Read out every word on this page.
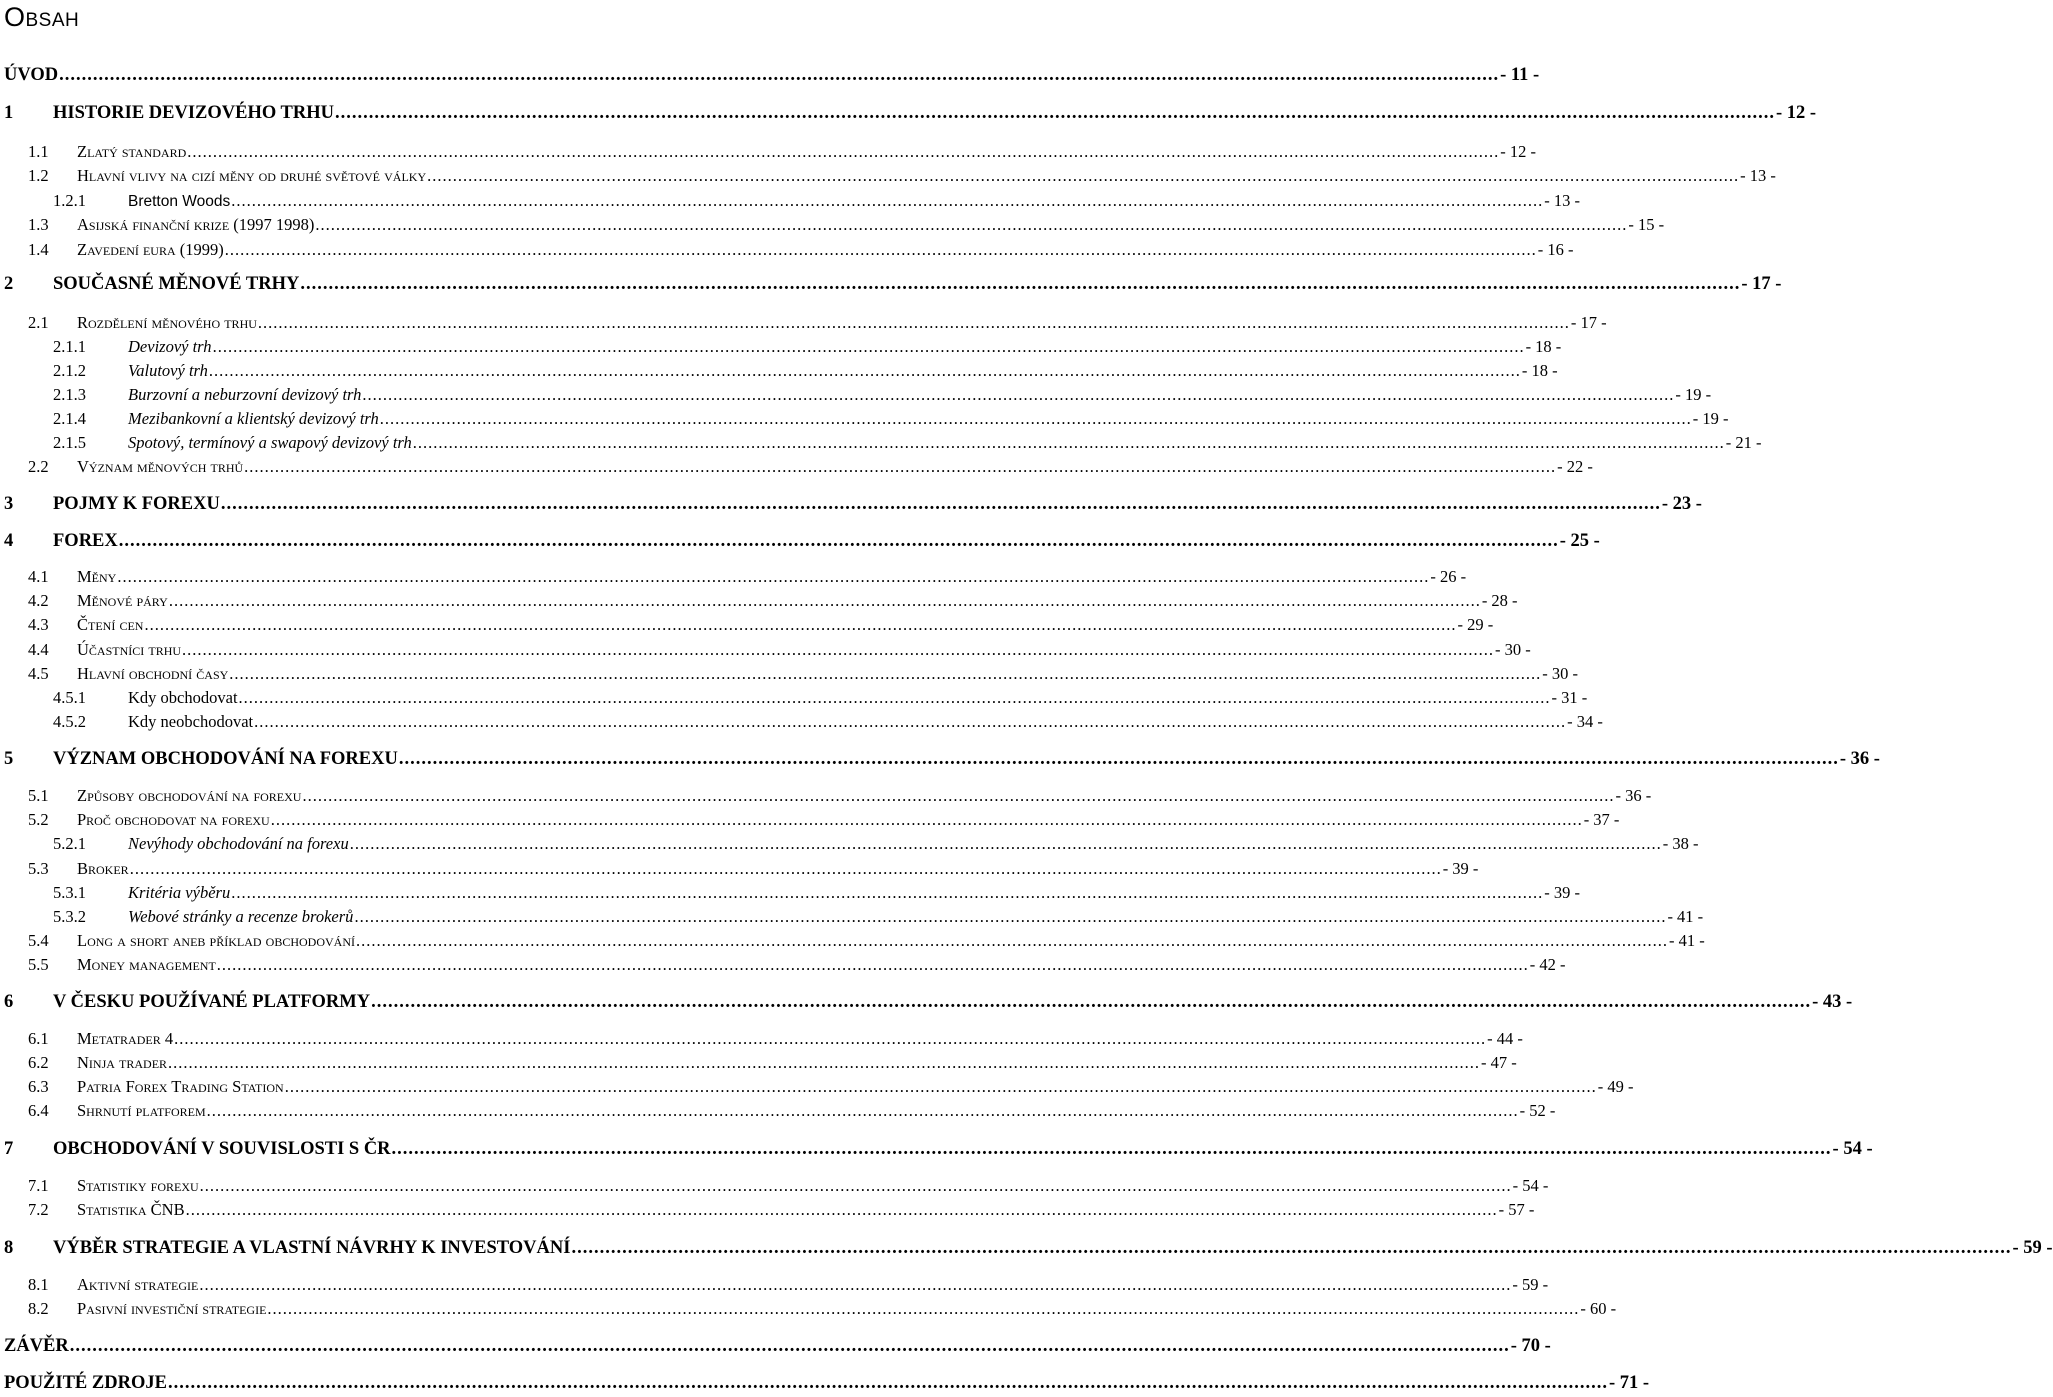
Obsah
ÚVOD .....	- 11 -
1	HISTORIE DEVIZOVÉHO TRHU .....	- 12 -
1.1	Zlatý standard .....	- 12 -
1.2	Hlavní vlivy na cizí měny od druhé světové války .....	- 13 -
1.2.1	Bretton Woods .....	- 13 -
1.3	Asijská finanční krize (1997 1998) .....	- 15 -
1.4	Zavedení eura (1999) .....	- 16 -
2	SOUČASNÉ MĚNOVÉ TRHY .....	- 17 -
2.1	Rozdělení měnového trhu .....	- 17 -
2.1.1	Devizový trh .....	- 18 -
2.1.2	Valutový trh .....	- 18 -
2.1.3	Burzovní a neburzovní devizový trh .....	- 19 -
2.1.4	Mezibankovní a klientský devizový trh .....	- 19 -
2.1.5	Spotový, termínový a swapový devizový trh .....	- 21 -
2.2	Význam měnových trhů .....	- 22 -
3	POJMY K FOREXU .....	- 23 -
4	FOREX .....	- 25 -
4.1	Měny .....	- 26 -
4.2	Měnové páry .....	- 28 -
4.3	Čtení cen .....	- 29 -
4.4	Účastníci trhu .....	- 30 -
4.5	Hlavní obchodní časy .....	- 30 -
4.5.1	Kdy obchodovat .....	- 31 -
4.5.2	Kdy neobchodovat .....	- 34 -
5	VÝZNAM OBCHODOVÁNÍ NA FOREXU .....	- 36 -
5.1	Způsoby obchodování na forexu .....	- 36 -
5.2	Proč obchodovat na forexu .....	- 37 -
5.2.1	Nevýhody obchodování na forexu .....	- 38 -
5.3	Broker .....	- 39 -
5.3.1	Kritéria výběru .....	- 39 -
5.3.2	Webové stránky a recenze brokerů .....	- 41 -
5.4	Long a short aneb příklad obchodování .....	- 41 -
5.5	Money management .....	- 42 -
6	V ČESKU POUŽÍVANÉ PLATFORMY .....	- 43 -
6.1	Metatrader 4 .....	- 44 -
6.2	Ninja trader .....	- 47 -
6.3	Patria Forex Trading Station .....	- 49 -
6.4	Shrnutí platforem .....	- 52 -
7	OBCHODOVÁNÍ V SOUVISLOSTI S ČR .....	- 54 -
7.1	Statistiky forexu .....	- 54 -
7.2	Statistika ČNB .....	- 57 -
8	VÝBĚR STRATEGIE A VLASTNÍ NÁVRHY K INVESTOVÁNÍ .....	- 59 -
8.1	Aktivní strategie .....	- 59 -
8.2	Pasivní investiční strategie .....	- 60 -
ZÁVĚR .....	- 70 -
POUŽITÉ ZDROJE .....	- 71 -
